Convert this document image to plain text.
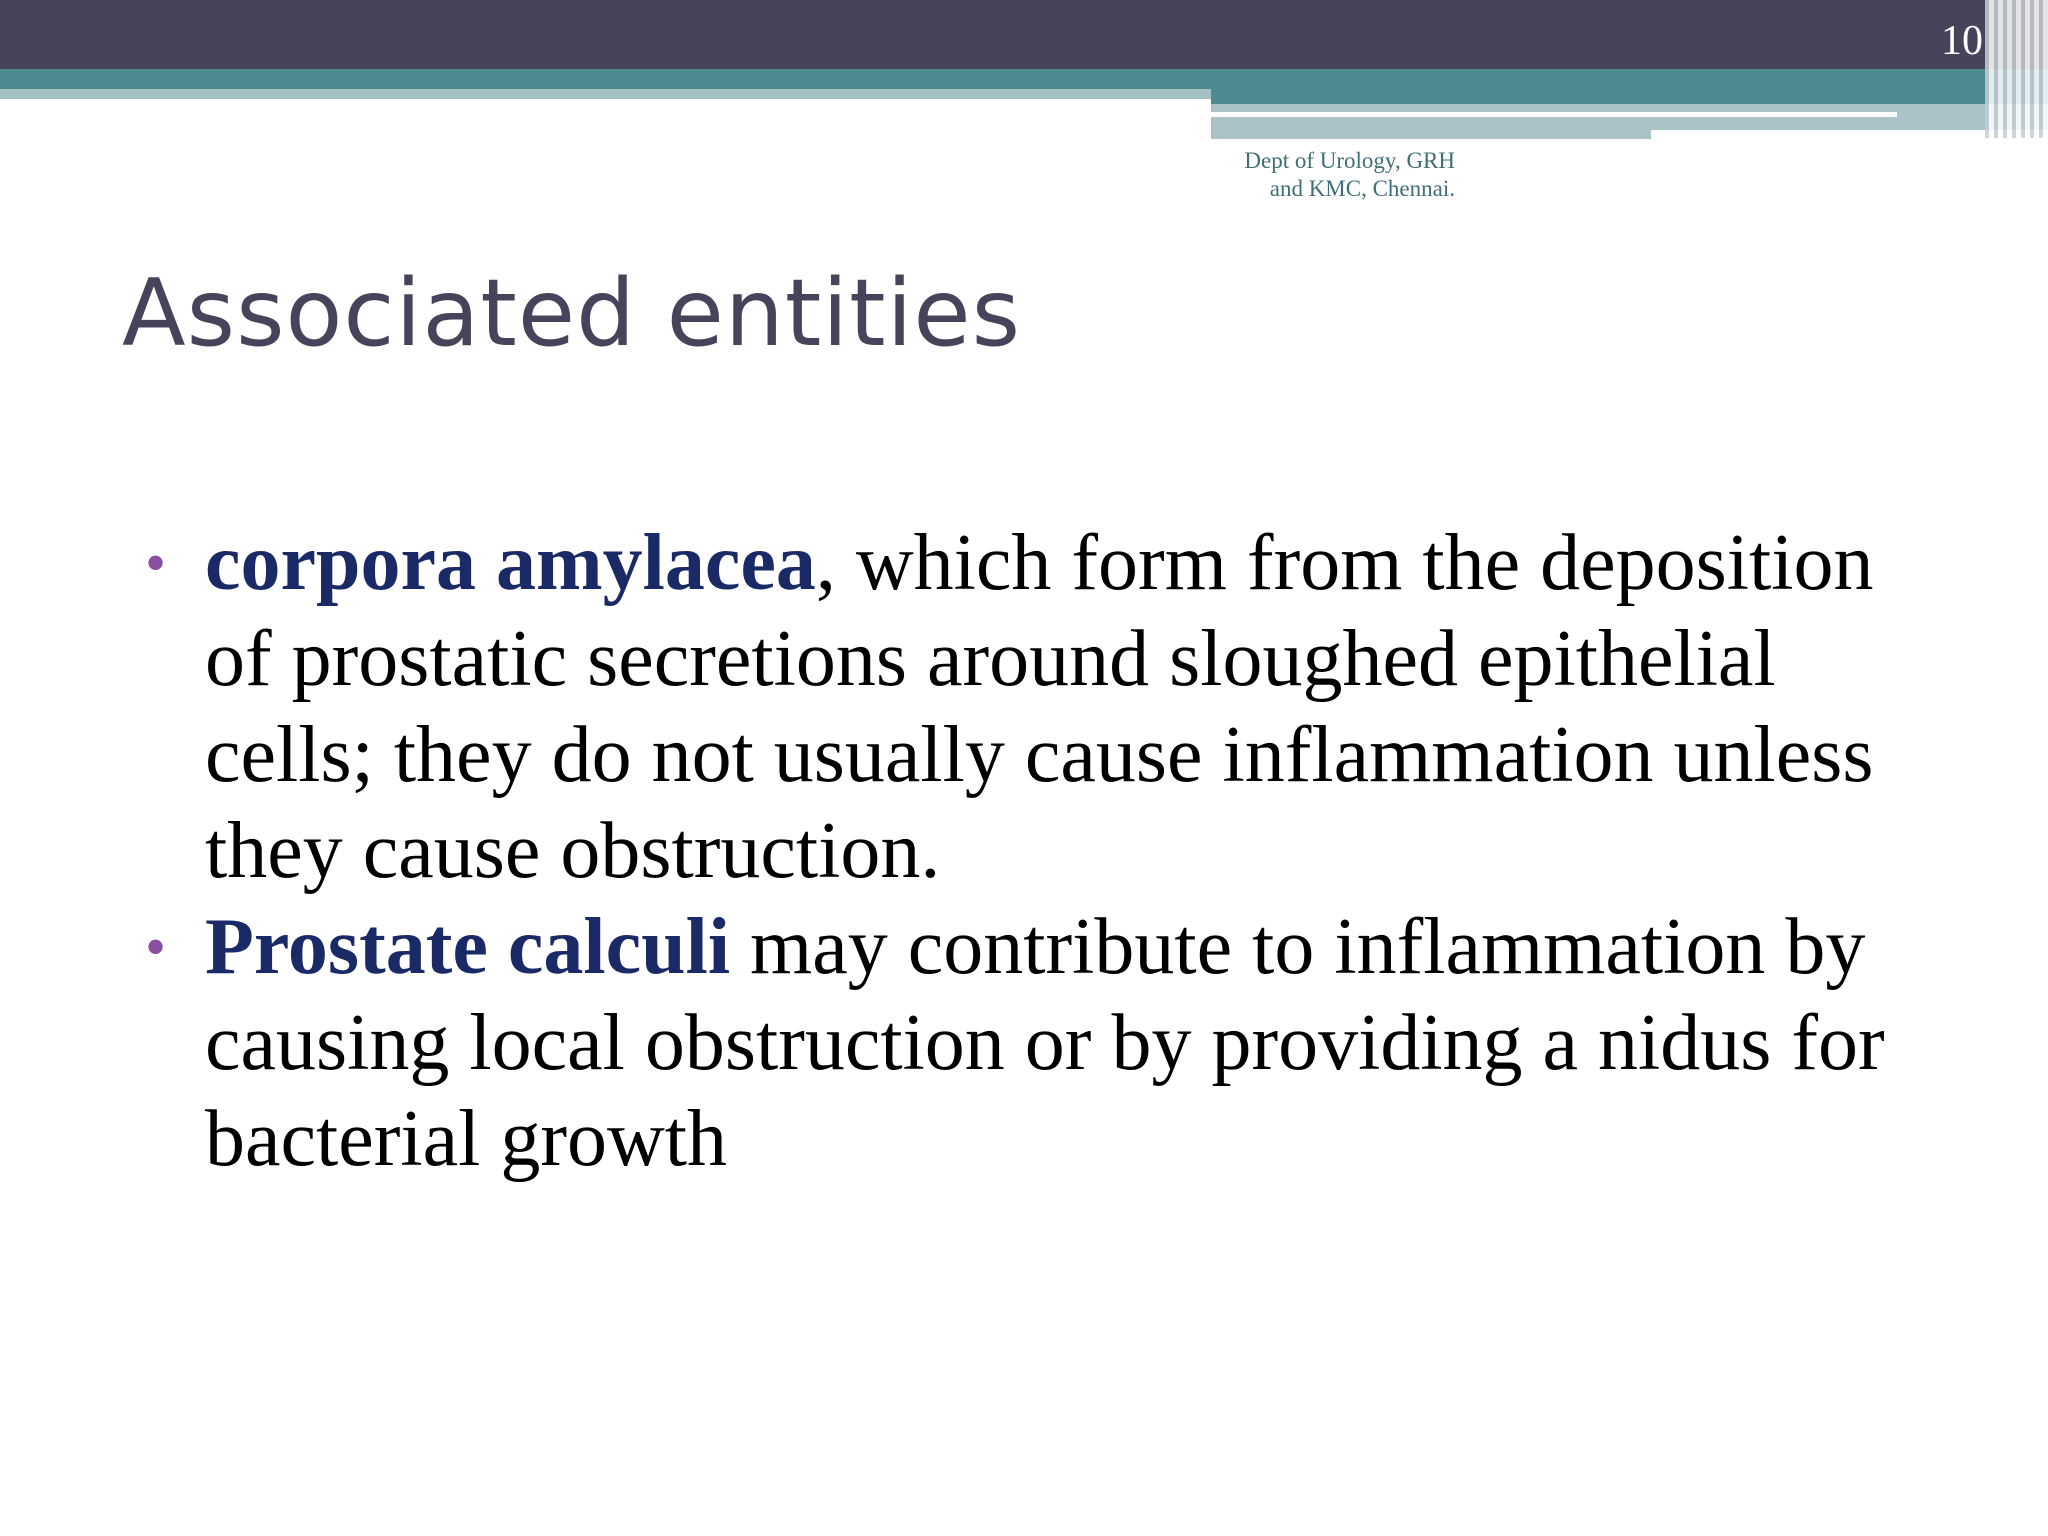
10

Dept of Urology, GRH
and KMC, Chennai.

Associated entities
• corpora amylacea, which form from the deposition of prostatic secretions around sloughed epithelial cells; they do not usually cause inflammation unless they cause obstruction.
• Prostate calculi may contribute to inflammation by causing local obstruction or by providing a nidus for bacterial growth
